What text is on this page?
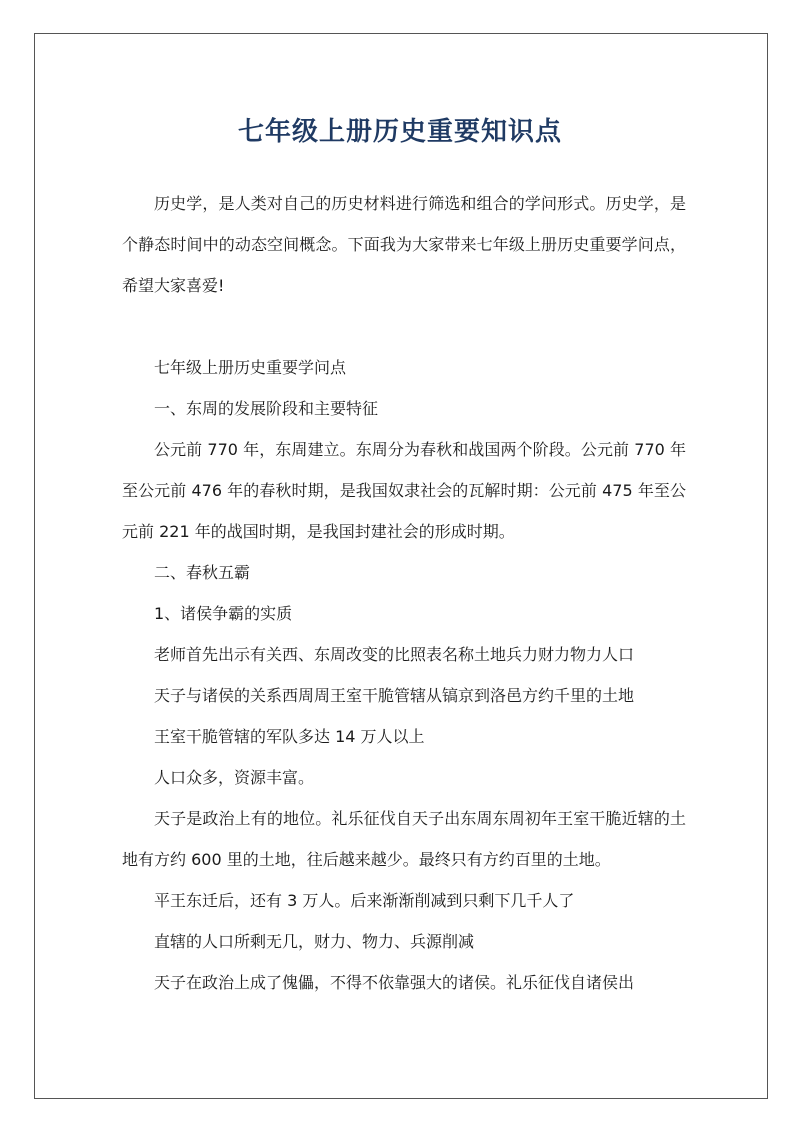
七年级上册历史重要知识点

历史学，是人类对自己的历史材料进行筛选和组合的学问形式。历史学，是个静态时间中的动态空间概念。下面我为大家带来七年级上册历史重要学问点，希望大家喜爱!

七年级上册历史重要学问点

一、东周的发展阶段和主要特征

公元前 770 年，东周建立。东周分为春秋和战国两个阶段。公元前 770 年至公元前 476 年的春秋时期，是我国奴隶社会的瓦解时期：公元前 475 年至公元前 221 年的战国时期，是我国封建社会的形成时期。

二、春秋五霸

1、诸侯争霸的实质

老师首先出示有关西、东周改变的比照表名称土地兵力财力物力人口

天子与诸侯的关系西周周王室干脆管辖从镐京到洛邑方约千里的土地

王室干脆管辖的军队多达 14 万人以上

人口众多，资源丰富。

天子是政治上有的地位。礼乐征伐自天子出东周东周初年王室干脆近辖的土地有方约 600 里的土地，往后越来越少。最终只有方约百里的土地。

平王东迁后，还有 3 万人。后来渐渐削减到只剩下几千人了

直辖的人口所剩无几，财力、物力、兵源削减

天子在政治上成了傀儡，不得不依靠强大的诸侯。礼乐征伐自诸侯出
